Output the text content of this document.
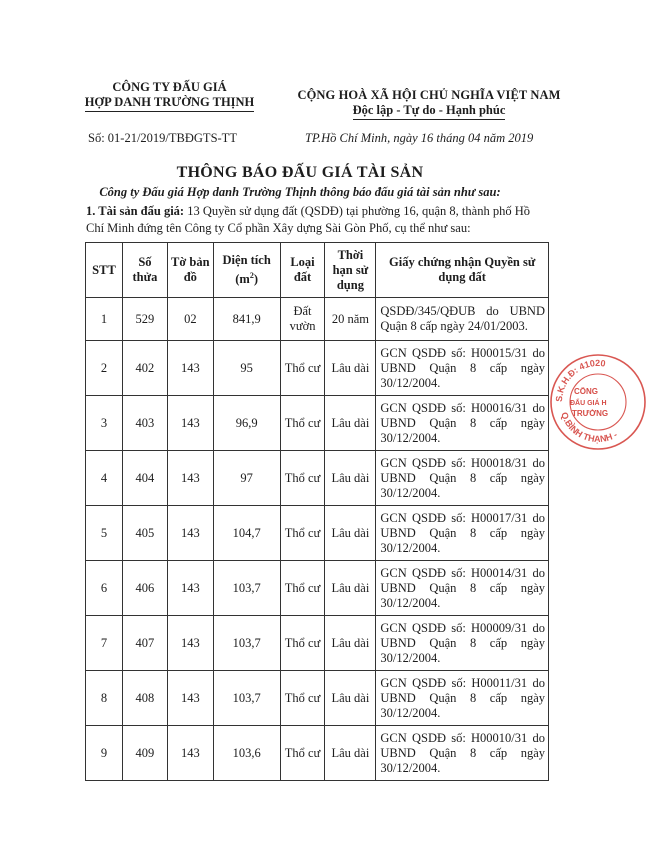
CÔNG TY ĐẤU GIÁ
HỢP DANH TRƯỜNG THỊNH	CỘNG HOÀ XÃ HỘI CHỦ NGHĨA VIỆT NAM
Độc lập - Tự do - Hạnh phúc
Số: 01-21/2019/TBĐGTS-TT	TP.Hồ Chí Minh, ngày 16 tháng 04 năm 2019
THÔNG BÁO ĐẤU GIÁ TÀI SẢN
Công ty Đấu giá Hợp danh Trường Thịnh thông báo đấu giá tài sản như sau:
1. Tài sản đấu giá: 13 Quyền sử dụng đất (QSDĐ) tại phường 16, quận 8, thành phố Hồ Chí Minh đứng tên Công ty Cổ phần Xây dựng Sài Gòn Phố, cụ thể như sau:
STT	Số thửa	Tờ bản đồ	Diện tích $(m^2)$	Loại đất	Thời hạn sử dụng	Giấy chứng nhận Quyền sử dụng đất
1	529	02	841,9	Đất vườn	20 năm	QSDĐ/345/QĐUB do UBND Quận 8 cấp ngày 24/01/2003.
2	402	143	95	Thổ cư	Lâu dài	GCN QSDĐ số: H00015/31 do UBND Quận 8 cấp ngày 30/12/2004.
3	403	143	96,9	Thổ cư	Lâu dài	GCN QSDĐ số: H00016/31 do UBND Quận 8 cấp ngày 30/12/2004.
4	404	143	97	Thổ cư	Lâu dài	GCN QSDĐ số: H00018/31 do UBND Quận 8 cấp ngày 30/12/2004.
5	405	143	104,7	Thổ cư	Lâu dài	GCN QSDĐ số: H00017/31 do UBND Quận 8 cấp ngày 30/12/2004.
6	406	143	103,7	Thổ cư	Lâu dài	GCN QSDĐ số: H00014/31 do UBND Quận 8 cấp ngày 30/12/2004.
7	407	143	103,7	Thổ cư	Lâu dài	GCN QSDĐ số: H00009/31 do UBND Quận 8 cấp ngày 30/12/2004.
8	408	143	103,7	Thổ cư	Lâu dài	GCN QSDĐ số: H00011/31 do UBND Quận 8 cấp ngày 30/12/2004.
9	409	143	103,6	Thổ cư	Lâu dài	GCN QSDĐ số: H00010/31 do UBND Quận 8 cấp ngày 30/12/2004.
S.K.H.Đ: 41020
Q.BÌNH THẠNH -
CÔNG
ĐẤU GIÁ H
TRƯỜNG
